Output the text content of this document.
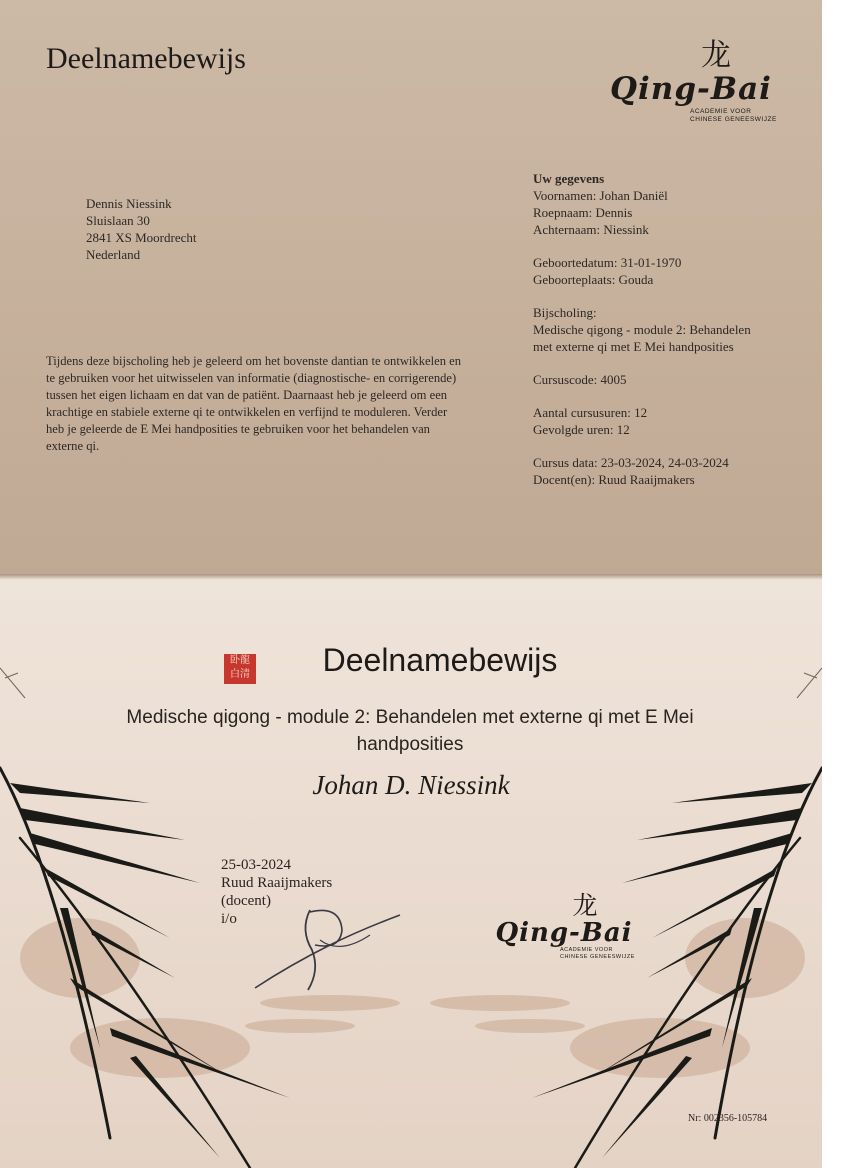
Deelnamebewijs	龙
Qing-Bai
ACADEMIE VOOR
CHINESE GENEESWIJZE
Dennis Niessink
Sluislaan 30
2841 XS Moordrecht
Nederland
Tijdens deze bijscholing heb je geleerd om het bovenste dantian te ontwikkelen en
te gebruiken voor het uitwisselen van informatie (diagnostische- en corrigerende)
tussen het eigen lichaam en dat van de patiënt. Daarnaast heb je geleerd om een
krachtige en stabiele externe qi te ontwikkelen en verfijnd te moduleren. Verder
heb je geleerde de E Mei handposities te gebruiken voor het behandelen van
externe qi.
Uw gegevens
Voornamen: Johan Daniël
Roepnaam: Dennis
Achternaam: Niessink
Geboortedatum: 31-01-1970
Geboorteplaats: Gouda
Bijscholing:
Medische qigong - module 2: Behandelen
met externe qi met E Mei handposities
Cursuscode: 4005
Aantal cursusuren: 12
Gevolgde uren: 12
Cursus data: 23-03-2024, 24-03-2024
Docent(en): Ruud Raaijmakers
卧龍 白清	Deelnamebewijs
Medische qigong - module 2: Behandelen met externe qi met E Mei handposities
Johan D. Niessink
25-03-2024
Ruud Raaijmakers
(docent)
i/o	龙
Qing-Bai
ACADEMIE VOOR
CHINESE GENEESWIJZE
Nr: 002356-105784
